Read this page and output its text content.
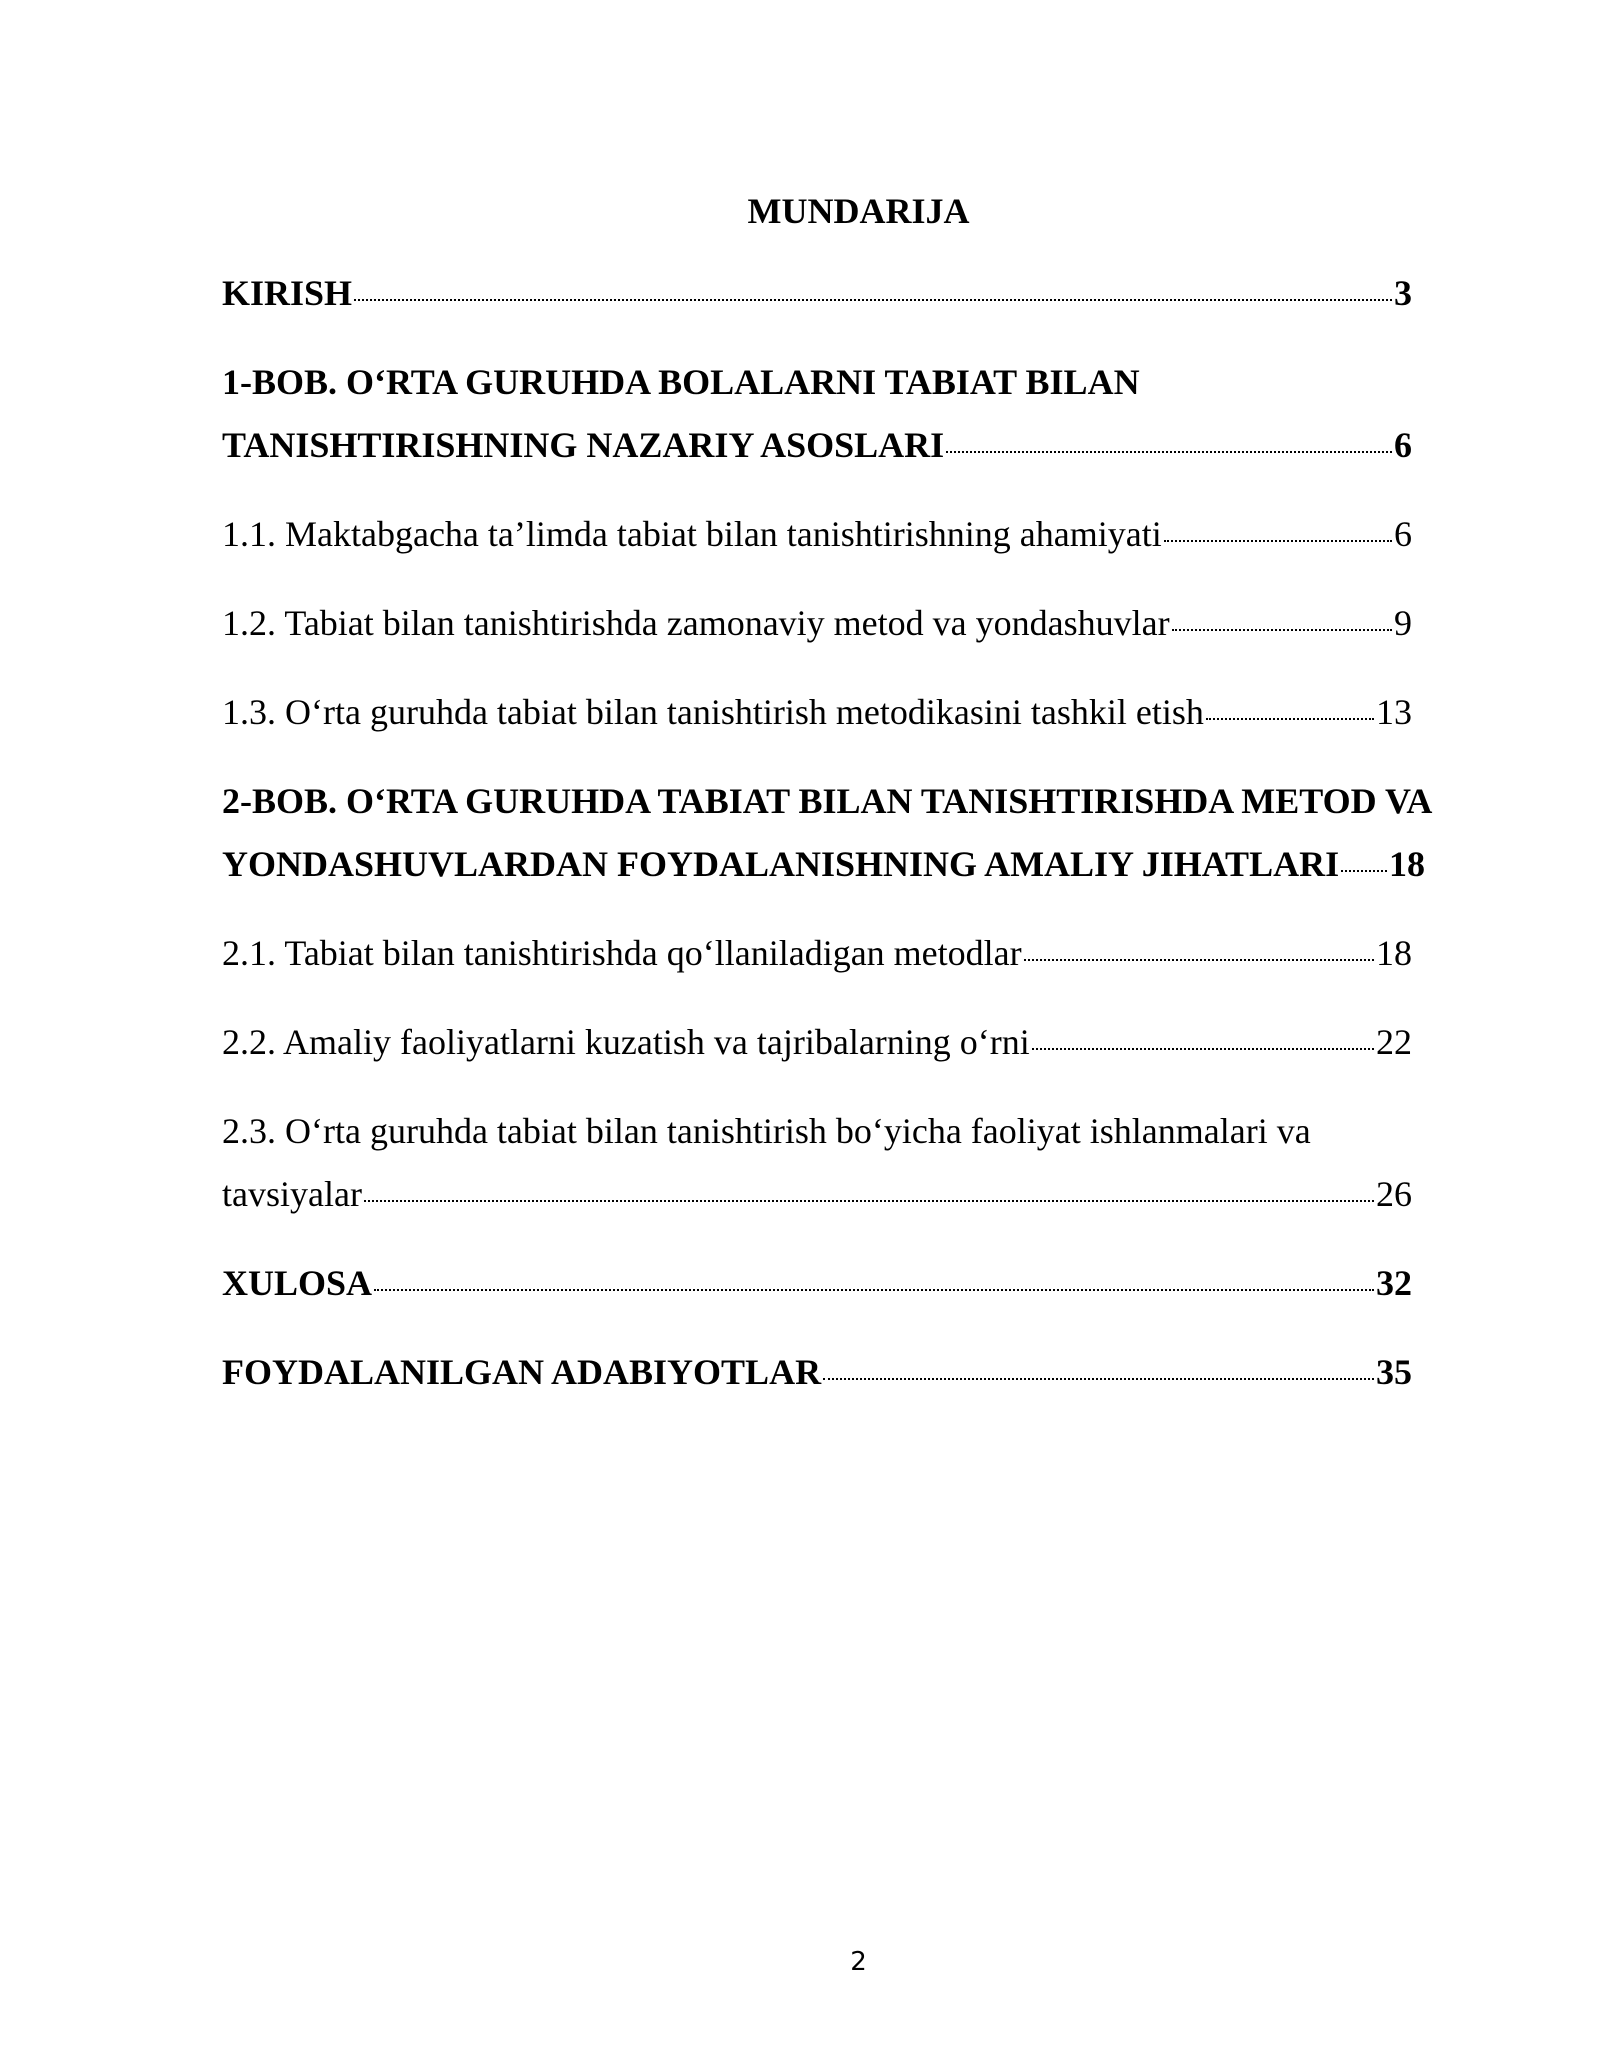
MUNDARIJA
KIRISH	3
1-BOB. O‘RTA GURUHDA BOLALARNI TABIAT BILAN
TANISHTIRISHNING NAZARIY ASOSLARI	6
1.1. Maktabgacha ta’limda tabiat bilan tanishtirishning ahamiyati	6
1.2. Tabiat bilan tanishtirishda zamonaviy metod va yondashuvlar	9
1.3. O‘rta guruhda tabiat bilan tanishtirish metodikasini tashkil etish	13
2-BOB. O‘RTA GURUHDA TABIAT BILAN TANISHTIRISHDA METOD VA
YONDASHUVLARDAN FOYDALANISHNING AMALIY JIHATLARI 18
2.1. Tabiat bilan tanishtirishda qo‘llaniladigan metodlar	18
2.2. Amaliy faoliyatlarni kuzatish va tajribalarning o‘rni	22
2.3. O‘rta guruhda tabiat bilan tanishtirish bo‘yicha faoliyat ishlanmalari va
tavsiyalar	26
XULOSA	32
FOYDALANILGAN ADABIYOTLAR	35
2
